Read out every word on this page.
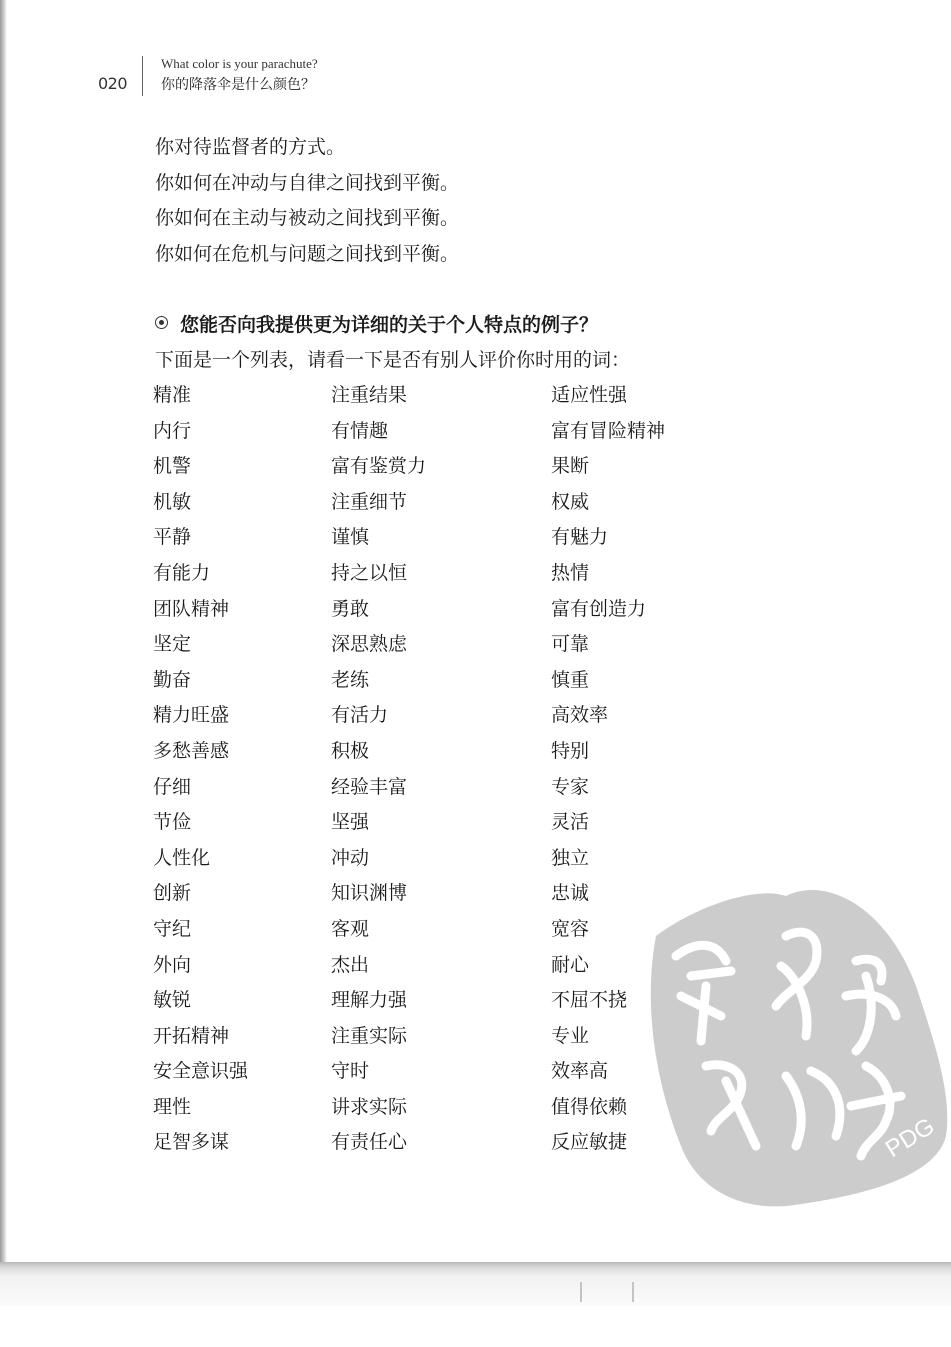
020
What color is your parachute?
你的降落伞是什么颜色？
你对待监督者的方式。
你如何在冲动与自律之间找到平衡。
你如何在主动与被动之间找到平衡。
你如何在危机与问题之间找到平衡。
您能否向我提供更为详细的关于个人特点的例子？
下面是一个列表，请看一下是否有别人评价你时用的词：
精准	注重结果	适应性强
内行	有情趣	富有冒险精神
机警	富有鉴赏力	果断
机敏	注重细节	权威
平静	谨慎	有魅力
有能力	持之以恒	热情
团队精神	勇敢	富有创造力
坚定	深思熟虑	可靠
勤奋	老练	慎重
精力旺盛	有活力	高效率
多愁善感	积极	特别
仔细	经验丰富	专家
节俭	坚强	灵活
人性化	冲动	独立
创新	知识渊博	忠诚
守纪	客观	宽容
外向	杰出	耐心
敏锐	理解力强	不屈不挠
开拓精神	注重实际	专业
安全意识强	守时	效率高
理性	讲求实际	值得依赖
足智多谋	有责任心	反应敏捷	PDG
